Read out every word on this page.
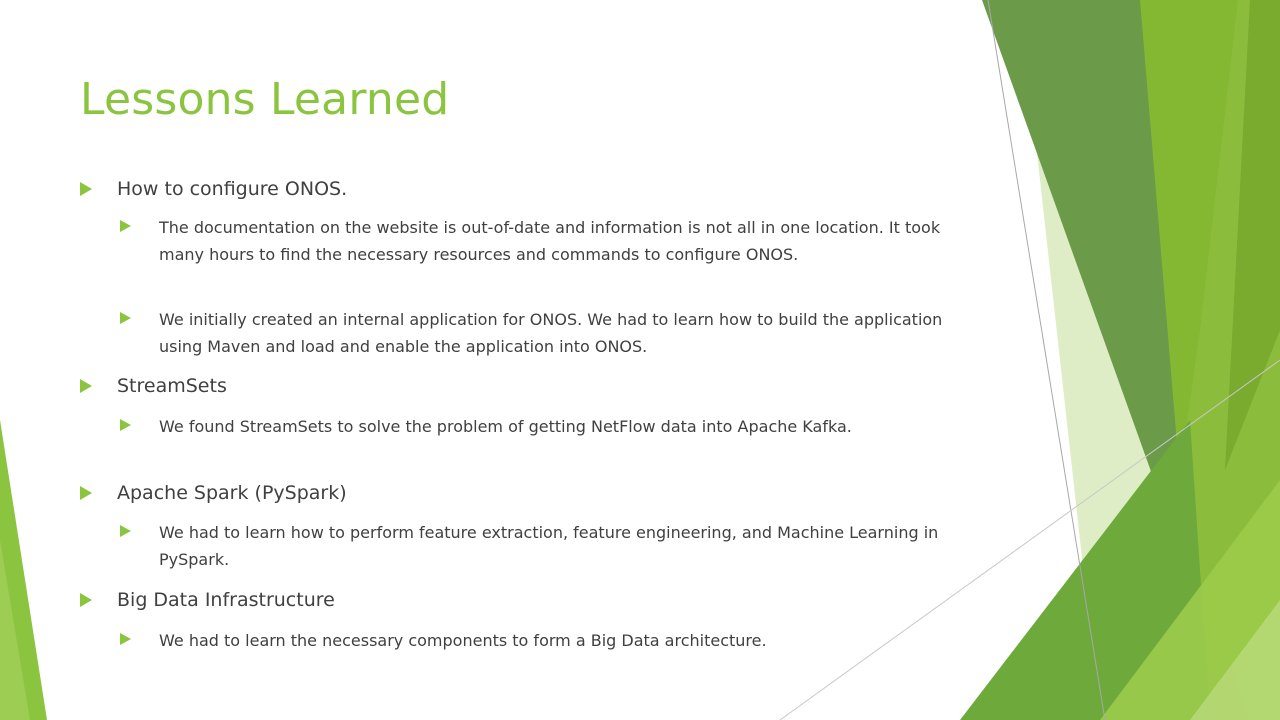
Lessons Learned
How to configure ONOS.
The documentation on the website is out-of-date and information is not all in one location. It took many hours to find the necessary resources and commands to configure ONOS.
We initially created an internal application for ONOS. We had to learn how to build the application using Maven and load and enable the application into ONOS.
StreamSets
We found StreamSets to solve the problem of getting NetFlow data into Apache Kafka.
Apache Spark (PySpark)
We had to learn how to perform feature extraction, feature engineering, and Machine Learning in PySpark.
Big Data Infrastructure
We had to learn the necessary components to form a Big Data architecture.
